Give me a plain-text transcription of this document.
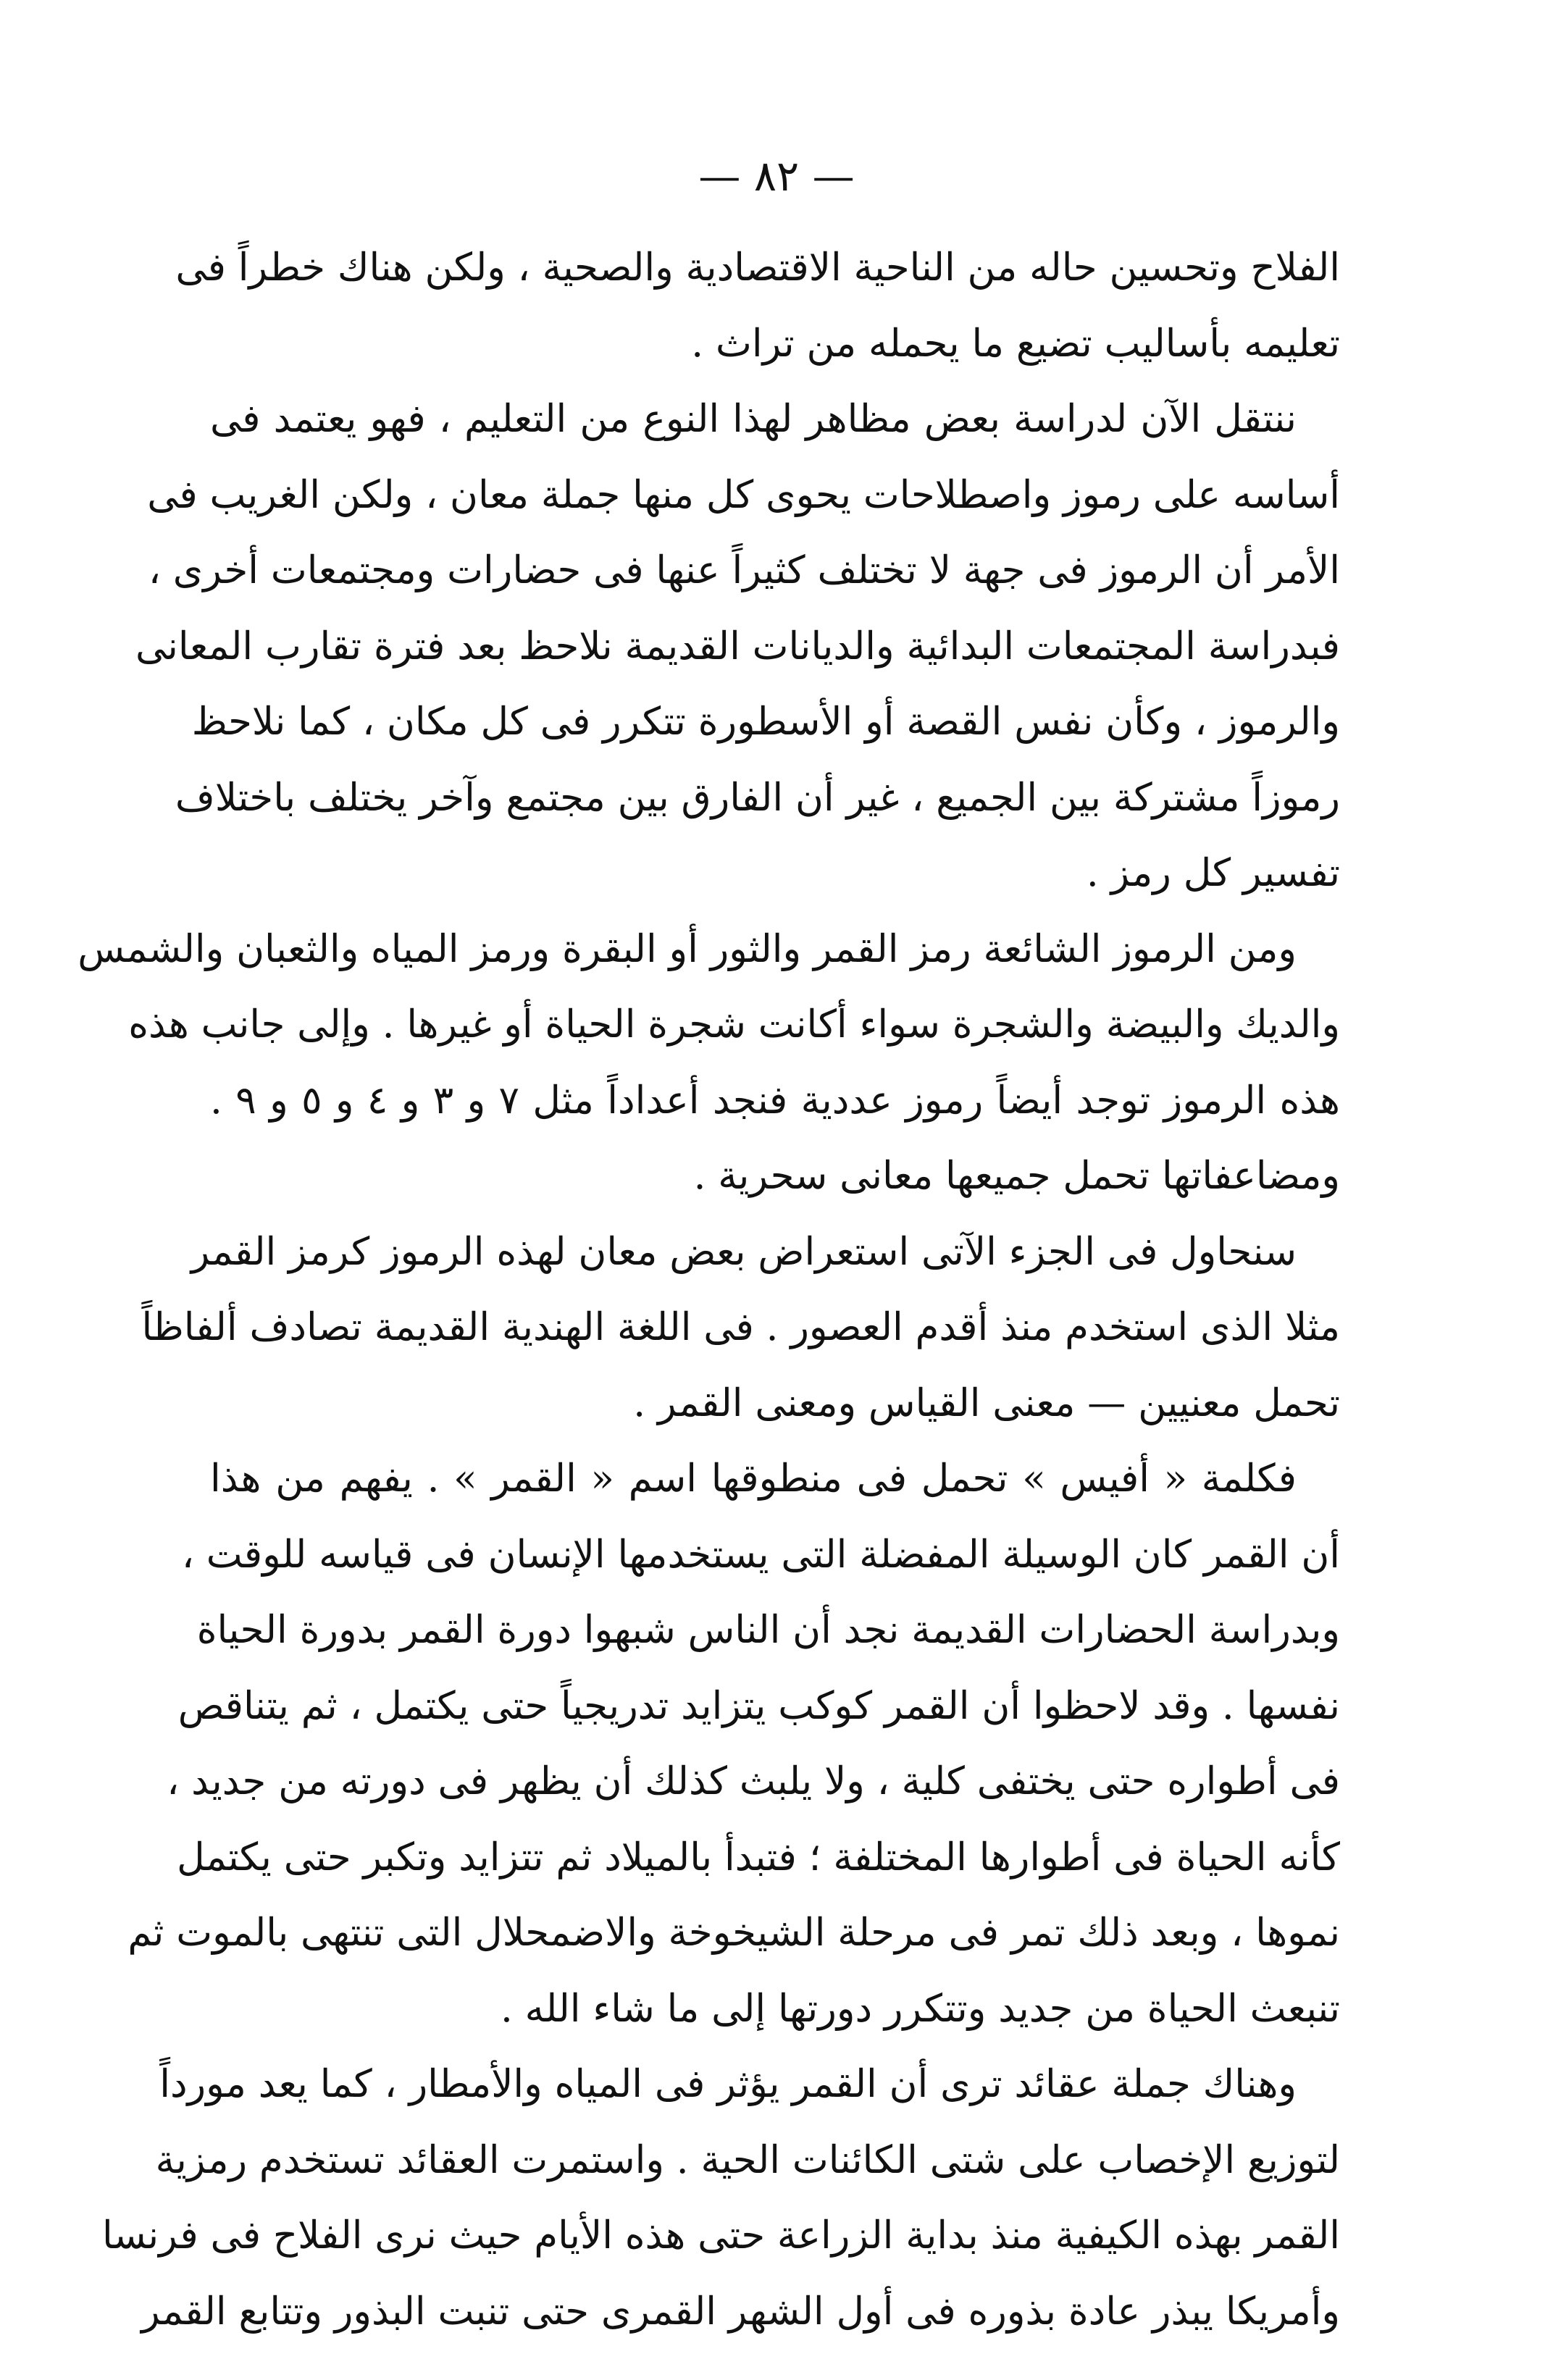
— ٨٢ —
الفلاح وتحسين حاله من الناحية الاقتصادية والصحية ، ولكن هناك خطراً فى
تعليمه بأساليب تضيع ما يحمله من تراث .
ننتقل الآن لدراسة بعض مظاهر لهذا النوع من التعليم ، فهو يعتمد فى
أساسه على رموز واصطلاحات يحوى كل منها جملة معان ، ولكن الغريب فى
الأمر أن الرموز فى جهة لا تختلف كثيراً عنها فى حضارات ومجتمعات أخرى ،
فبدراسة المجتمعات البدائية والديانات القديمة نلاحظ بعد فترة تقارب المعانى
والرموز ، وكأن نفس القصة أو الأسطورة تتكرر فى كل مكان ، كما نلاحظ
رموزاً مشتركة بين الجميع ، غير أن الفارق بين مجتمع وآخر يختلف باختلاف
تفسير كل رمز .
ومن الرموز الشائعة رمز القمر والثور أو البقرة ورمز المياه والثعبان والشمس
والديك والبيضة والشجرة سواء أكانت شجرة الحياة أو غيرها . وإلى جانب هذه
هذه الرموز توجد أيضاً رموز عددية فنجد أعداداً مثل ٧ و ٣ و ٤ و ٥ و ٩ .
ومضاعفاتها تحمل جميعها معانى سحرية .
سنحاول فى الجزء الآتى استعراض بعض معان لهذه الرموز كرمز القمر
مثلا الذى استخدم منذ أقدم العصور . فى اللغة الهندية القديمة تصادف ألفاظاً
تحمل معنيين — معنى القياس ومعنى القمر .
فكلمة « أفيس » تحمل فى منطوقها اسم « القمر » . يفهم من هذا
أن القمر كان الوسيلة المفضلة التى يستخدمها الإنسان فى قياسه للوقت ،
وبدراسة الحضارات القديمة نجد أن الناس شبهوا دورة القمر بدورة الحياة
نفسها . وقد لاحظوا أن القمر كوكب يتزايد تدريجياً حتى يكتمل ، ثم يتناقص
فى أطواره حتى يختفى كلية ، ولا يلبث كذلك أن يظهر فى دورته من جديد ،
كأنه الحياة فى أطوارها المختلفة ؛ فتبدأ بالميلاد ثم تتزايد وتكبر حتى يكتمل
نموها ، وبعد ذلك تمر فى مرحلة الشيخوخة والاضمحلال التى تنتهى بالموت ثم
تنبعث الحياة من جديد وتتكرر دورتها إلى ما شاء الله .
وهناك جملة عقائد ترى أن القمر يؤثر فى المياه والأمطار ، كما يعد مورداً
لتوزيع الإخصاب على شتى الكائنات الحية . واستمرت العقائد تستخدم رمزية
القمر بهذه الكيفية منذ بداية الزراعة حتى هذه الأيام حيث نرى الفلاح فى فرنسا
وأمريكا يبذر عادة بذوره فى أول الشهر القمرى حتى تنبت البذور وتتابع القمر
